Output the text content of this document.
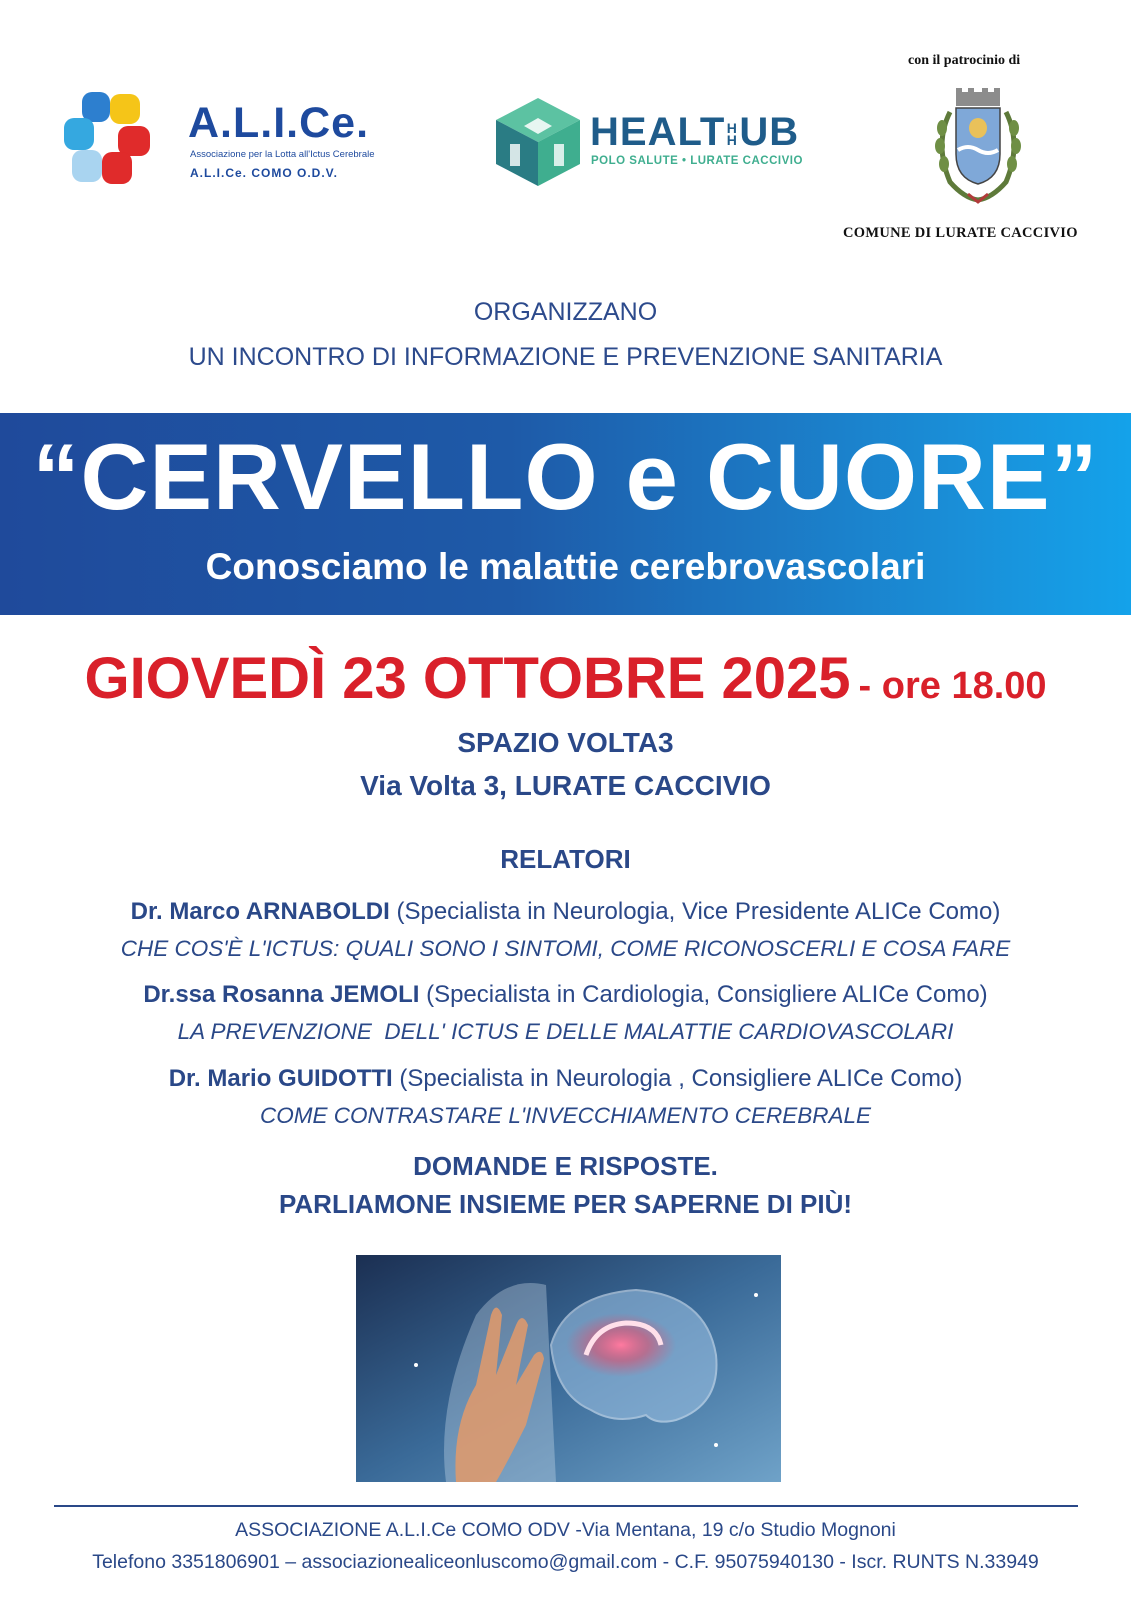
A.L.I.Ce.
Associazione per la Lotta all'Ictus Cerebrale
A.L.I.Ce. COMO O.D.V.
HEALTH
HUB
POLO SALUTE • LURATE CACCIVIO
con il patrocinio di
COMUNE DI LURATE CACCIVIO
ORGANIZZANO
UN INCONTRO DI INFORMAZIONE E PREVENZIONE SANITARIA
“CERVELLO e CUORE”
Conosciamo le malattie cerebrovascolari
GIOVEDÌ 23 OTTOBRE 2025 - ore 18.00
SPAZIO VOLTA3
Via Volta 3, LURATE CACCIVIO
RELATORI
Dr. Marco ARNABOLDI (Specialista in Neurologia, Vice Presidente ALICe Como)
CHE COS'È L'ICTUS: QUALI SONO I SINTOMI, COME RICONOSCERLI E COSA FARE
Dr.ssa Rosanna JEMOLI (Specialista in Cardiologia, Consigliere ALICe Como)
LA PREVENZIONE  DELL' ICTUS E DELLE MALATTIE CARDIOVASCOLARI
Dr. Mario GUIDOTTI (Specialista in Neurologia , Consigliere ALICe Como)
COME CONTRASTARE L'INVECCHIAMENTO CEREBRALE
DOMANDE E RISPOSTE.
PARLIAMONE INSIEME PER SAPERNE DI PIÙ!
ASSOCIAZIONE A.L.I.Ce COMO ODV -Via Mentana, 19 c/o Studio Mognoni
Telefono 3351806901 – associazionealiceonluscomo@gmail.com - C.F. 95075940130 - Iscr. RUNTS N.33949
